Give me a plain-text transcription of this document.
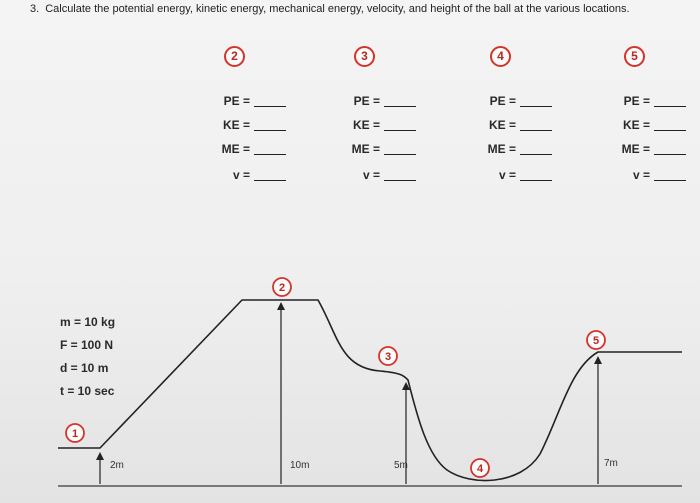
3. Calculate the potential energy, kinetic energy, mechanical energy, velocity, and height of the ball at the various locations.
2
PE =
KE =
ME =
v =
3
PE =
KE =
ME =
v =
4
PE =
KE =
ME =
v =
5
PE =
KE =
ME =
v =
m = 10 kg
F = 100 N
d = 10 m
t = 10 sec
2m	10m	5m	7m
1
2
3
4
5
